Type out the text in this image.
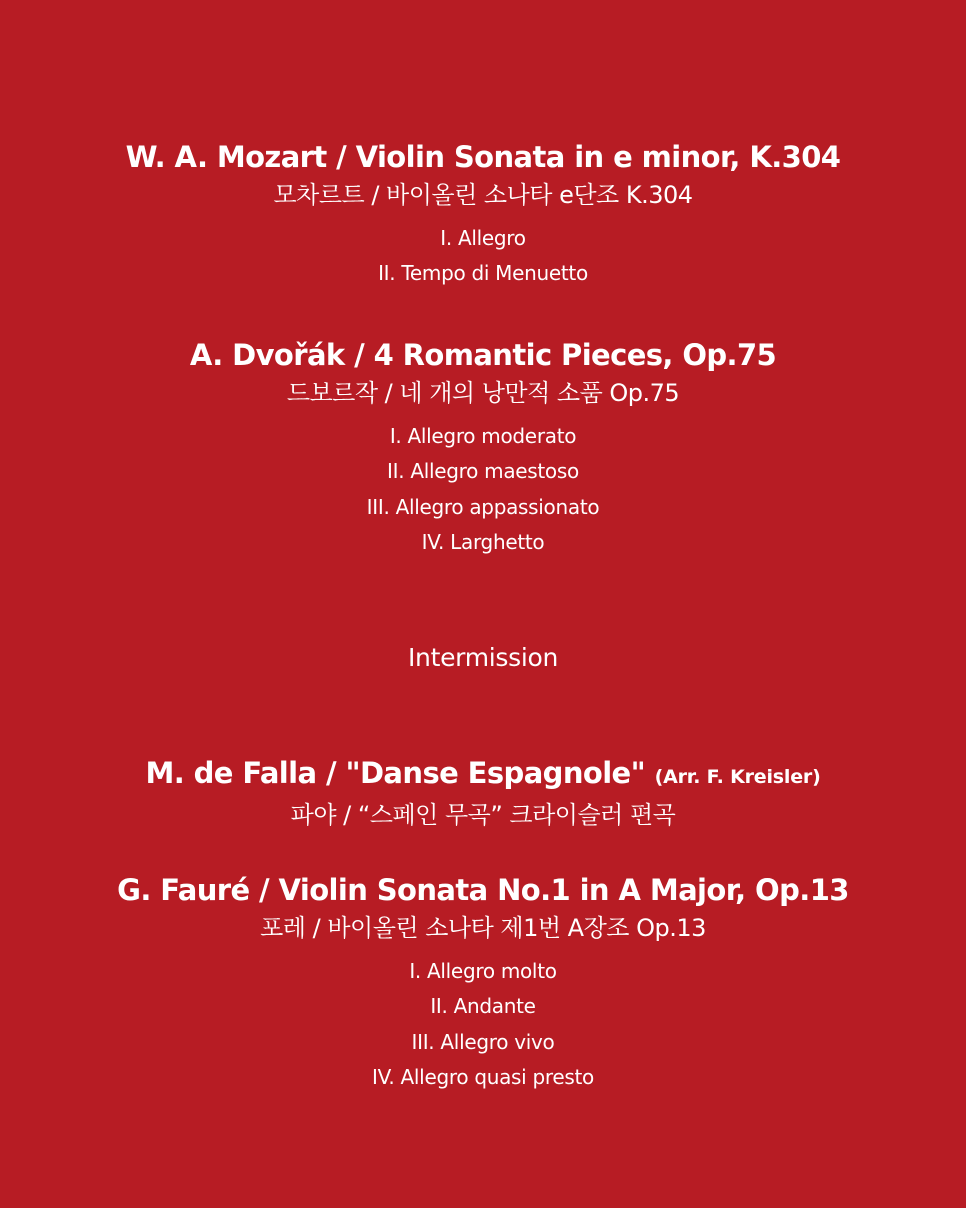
W. A. Mozart / Violin Sonata in e minor, K.304
모차르트 / 바이올린 소나타 e단조 K.304
I. Allegro
II. Tempo di Menuetto
A. Dvořák / 4 Romantic Pieces, Op.75
드보르작 / 네 개의 낭만적 소품 Op.75
I. Allegro moderato
II. Allegro maestoso
III. Allegro appassionato
IV. Larghetto
Intermission
M. de Falla / "Danse Espagnole" (Arr. F. Kreisler)
파야 / “스페인 무곡” 크라이슬러 편곡
G. Fauré / Violin Sonata No.1 in A Major, Op.13
포레 / 바이올린 소나타 제1번 A장조 Op.13
I. Allegro molto
II. Andante
III. Allegro vivo
IV. Allegro quasi presto
